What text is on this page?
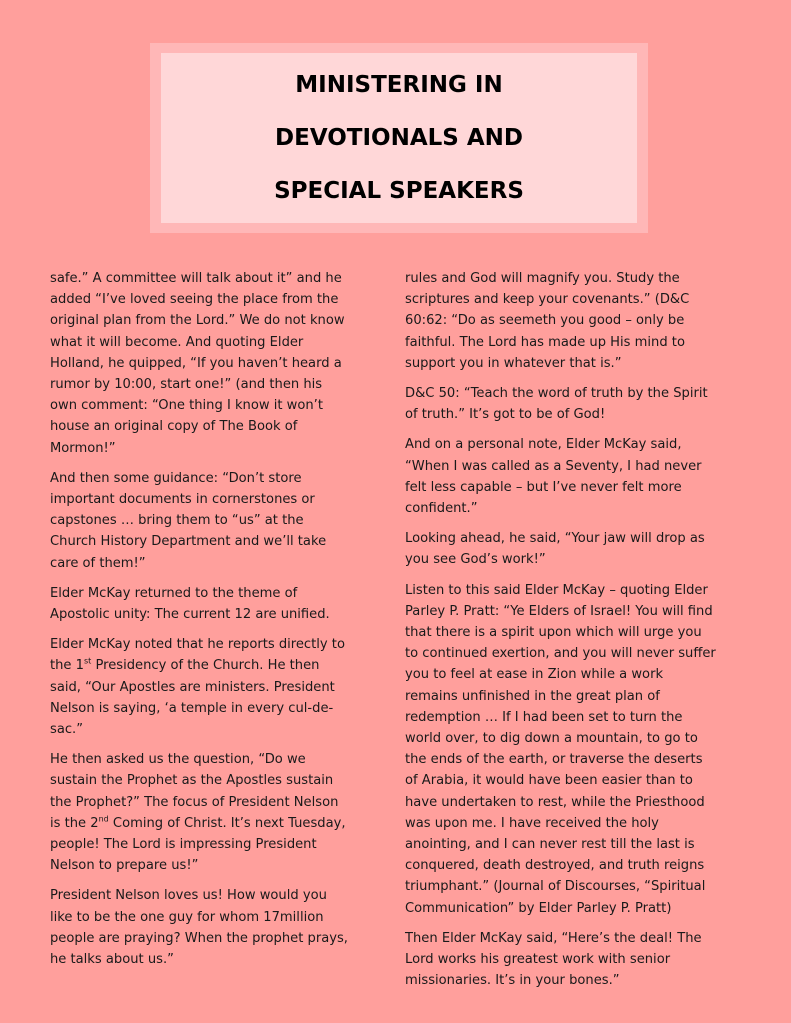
MINISTERING IN
DEVOTIONALS AND
SPECIAL SPEAKERS

safe.” A committee will talk about it” and he added “I’ve loved seeing the place from the original plan from the Lord.” We do not know what it will become. And quoting Elder Holland, he quipped, “If you haven’t heard a rumor by 10:00, start one!” (and then his own comment: “One thing I know it won’t house an original copy of The Book of Mormon!”

And then some guidance: “Don’t store important documents in cornerstones or capstones … bring them to “us” at the Church History Department and we’ll take care of them!”

Elder McKay returned to the theme of Apostolic unity: The current 12 are unified.

Elder McKay noted that he reports directly to the 1st Presidency of the Church. He then said, “Our Apostles are ministers. President Nelson is saying, ‘a temple in every cul-de-sac.”

He then asked us the question, “Do we sustain the Prophet as the Apostles sustain the Prophet?” The focus of President Nelson is the 2nd Coming of Christ. It’s next Tuesday, people! The Lord is impressing President Nelson to prepare us!”

President Nelson loves us! How would you like to be the one guy for whom 17million people are praying? When the prophet prays, he talks about us.”

rules and God will magnify you. Study the scriptures and keep your covenants.” (D&C 60:62: “Do as seemeth you good – only be faithful. The Lord has made up His mind to support you in whatever that is.”

D&C 50: “Teach the word of truth by the Spirit of truth.” It’s got to be of God!

And on a personal note, Elder McKay said, “When I was called as a Seventy, I had never felt less capable – but I’ve never felt more confident.”

Looking ahead, he said, “Your jaw will drop as you see God’s work!”

Listen to this said Elder McKay – quoting Elder Parley P. Pratt: “Ye Elders of Israel! You will find that there is a spirit upon which will urge you to continued exertion, and you will never suffer you to feel at ease in Zion while a work remains unfinished in the great plan of redemption … If I had been set to turn the world over, to dig down a mountain, to go to the ends of the earth, or traverse the deserts of Arabia, it would have been easier than to have undertaken to rest, while the Priesthood was upon me. I have received the holy anointing, and I can never rest till the last is conquered, death destroyed, and truth reigns triumphant.” (Journal of Discourses, “Spiritual Communication” by Elder Parley P. Pratt)

Then Elder McKay said, “Here’s the deal! The Lord works his greatest work with senior missionaries. It’s in your bones.”
